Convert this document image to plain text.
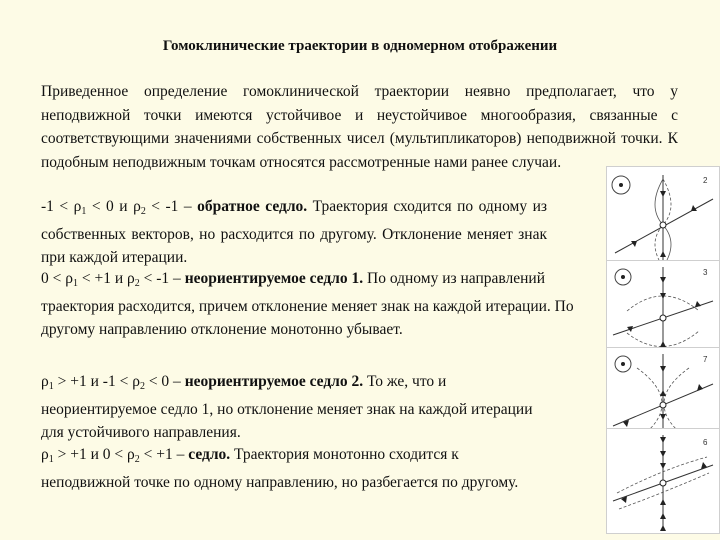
Гомоклинические траектории в одномерном отображении
Приведенное определение гомоклинической траектории неявно предполагает, что у неподвижной точки имеются устойчивое и неустойчивое многообразия, связанные с соответствующими значениями собственных чисел (мультипликаторов) неподвижной точки. К подобным неподвижным точкам относятся рассмотренные нами ранее случаи.
$-1 < \rho_1 < 0$ и $\rho_2 < -1$ – обратное седло. Траектория сходится по одному из собственных векторов, но расходится по другому. Отклонение меняет знак при каждой итерации.
$0 < \rho_1 < +1$ и $\rho_2 < -1$ – неориентируемое седло 1. По одному из направлений траектория расходится, причем отклонение меняет знак на каждой итерации. По другому направлению отклонение монотонно убывает.
$\rho_1 > +1$ и $-1 < \rho_2 < 0$ – неориентируемое седло 2. То же, что и неориентируемое седло 1, но отклонение меняет знак на каждой итерации для устойчивого направления.
$\rho_1 > +1$ и $0 < \rho_2 < +1$ – седло. Траектория монотонно сходится к неподвижной точке по одному направлению, но разбегается по другому.
2
3
7
6
